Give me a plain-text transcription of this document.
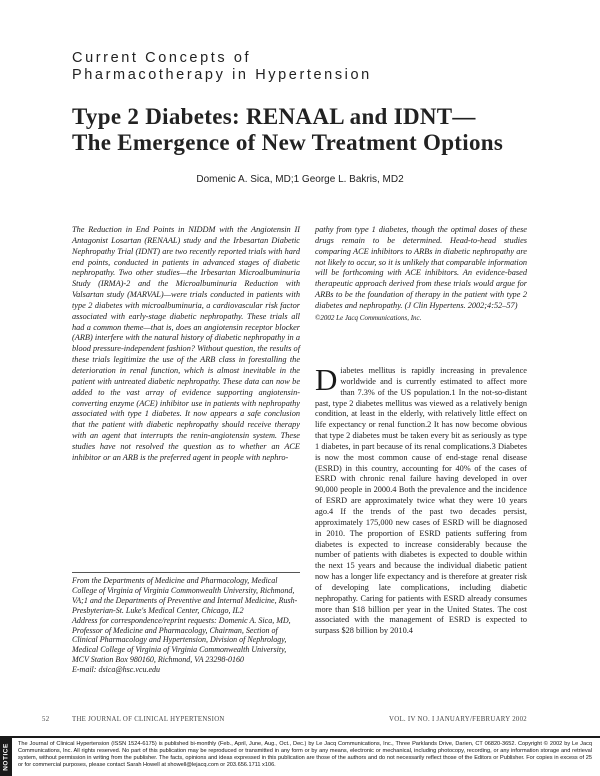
Current Concepts of
Pharmacotherapy in Hypertension
Type 2 Diabetes: RENAAL and IDNT—
The Emergence of New Treatment Options
Domenic A. Sica, MD;1 George L. Bakris, MD2
The Reduction in End Points in NIDDM with the Angiotensin II Antagonist Losartan (RENAAL) study and the Irbesartan Diabetic Nephropathy Trial (IDNT) are two recently reported trials with hard end points, conducted in patients in advanced stages of diabetic nephropathy. Two other studies—the Irbesartan Microalbuminuria Study (IRMA)-2 and the Microalbuminuria Reduction with Valsartan study (MARVAL)—were trials conducted in patients with type 2 diabetes with microalbuminuria, a cardiovascular risk factor associated with early-stage diabetic nephropathy. These trials all had a common theme—that is, does an angiotensin receptor blocker (ARB) interfere with the natural history of diabetic nephropathy in a blood pressure-independent fashion? Without question, the results of these trials legitimize the use of the ARB class in forestalling the deterioration in renal function, which is almost inevitable in the patient with untreated diabetic nephropathy. These data can now be added to the vast array of evidence supporting angiotensin-converting enzyme (ACE) inhibitor use in patients with nephropathy associated with type 1 diabetes. It now appears a safe conclusion that the patient with diabetic nephropathy should receive therapy with an agent that interrupts the renin-angiotensin system. These studies have not resolved the question as to whether an ACE inhibitor or an ARB is the preferred agent in people with nephro-
pathy from type 1 diabetes, though the optimal doses of these drugs remain to be determined. Head-to-head studies comparing ACE inhibitors to ARBs in diabetic nephropathy are not likely to occur, so it is unlikely that comparable information will be forthcoming with ACE inhibitors. An evidence-based therapeutic approach derived from these trials would argue for ARBs to be the foundation of therapy in the patient with type 2 diabetes and nephropathy. (J Clin Hypertens. 2002;4:52–57)
©2002 Le Jacq Communications, Inc.
From the Departments of Medicine and Pharmacology, Medical College of Virginia of Virginia Commonwealth University, Richmond, VA;1 and the Departments of Preventive and Internal Medicine, Rush-Presbyterian-St. Luke's Medical Center, Chicago, IL2
Address for correspondence/reprint requests: Domenic A. Sica, MD, Professor of Medicine and Pharmacology, Chairman, Section of Clinical Pharmacology and Hypertension, Division of Nephrology, Medical College of Virginia of Virginia Commonwealth University, MCV Station Box 980160, Richmond, VA 23298-0160
E-mail: dsica@hsc.vcu.edu
Diabetes mellitus is rapidly increasing in prevalence worldwide and is currently estimated to affect more than 7.3% of the US population.1 In the not-so-distant past, type 2 diabetes mellitus was viewed as a relatively benign condition, at least in the elderly, with relatively little effect on life expectancy or renal function.2 It has now become obvious that type 2 diabetes must be taken every bit as seriously as type 1 diabetes, in part because of its renal complications.3 Diabetes is now the most common cause of end-stage renal disease (ESRD) in this country, accounting for 40% of the cases of ESRD with chronic renal failure having developed in over 90,000 people in 2000.4 Both the prevalence and the incidence of ESRD are approximately twice what they were 10 years ago.4 If the trends of the past two decades persist, approximately 175,000 new cases of ESRD will be diagnosed in 2010. The proportion of ESRD patients suffering from diabetes is expected to increase considerably because the number of patients with diabetes is expected to double within the next 15 years and because the individual diabetic patient now has a longer life expectancy and is therefore at greater risk of developing late complications, including diabetic nephropathy. Caring for patients with ESRD already consumes more than $18 billion per year in the United States. The cost associated with the management of ESRD is expected to surpass $28 billion by 2010.4
52	THE JOURNAL OF CLINICAL HYPERTENSION	VOL. IV NO. I JANUARY/FEBRUARY 2002
NOTICE The Journal of Clinical Hypertension (ISSN 1524-6175) is published bi-monthly (Feb., April, June, Aug., Oct., Dec.) by Le Jacq Communications, Inc., Three Parklands Drive, Darien, CT 06820-3652. Copyright © 2002 by Le Jacq Communications, Inc. All rights reserved. No part of this publication may be reproduced or transmitted in any form or by any means, electronic or mechanical, including photocopy, recording, or any information storage and retrieval system, without permission in writing from the publisher. The facts, opinions and ideas expressed in this publication are those of the authors and do not necessarily reflect those of the Editors or Publisher. For copies in excess of 25 or for commercial purposes, please contact Sarah Howell at showell@lejacq.com or 203.656.1711 x106.
